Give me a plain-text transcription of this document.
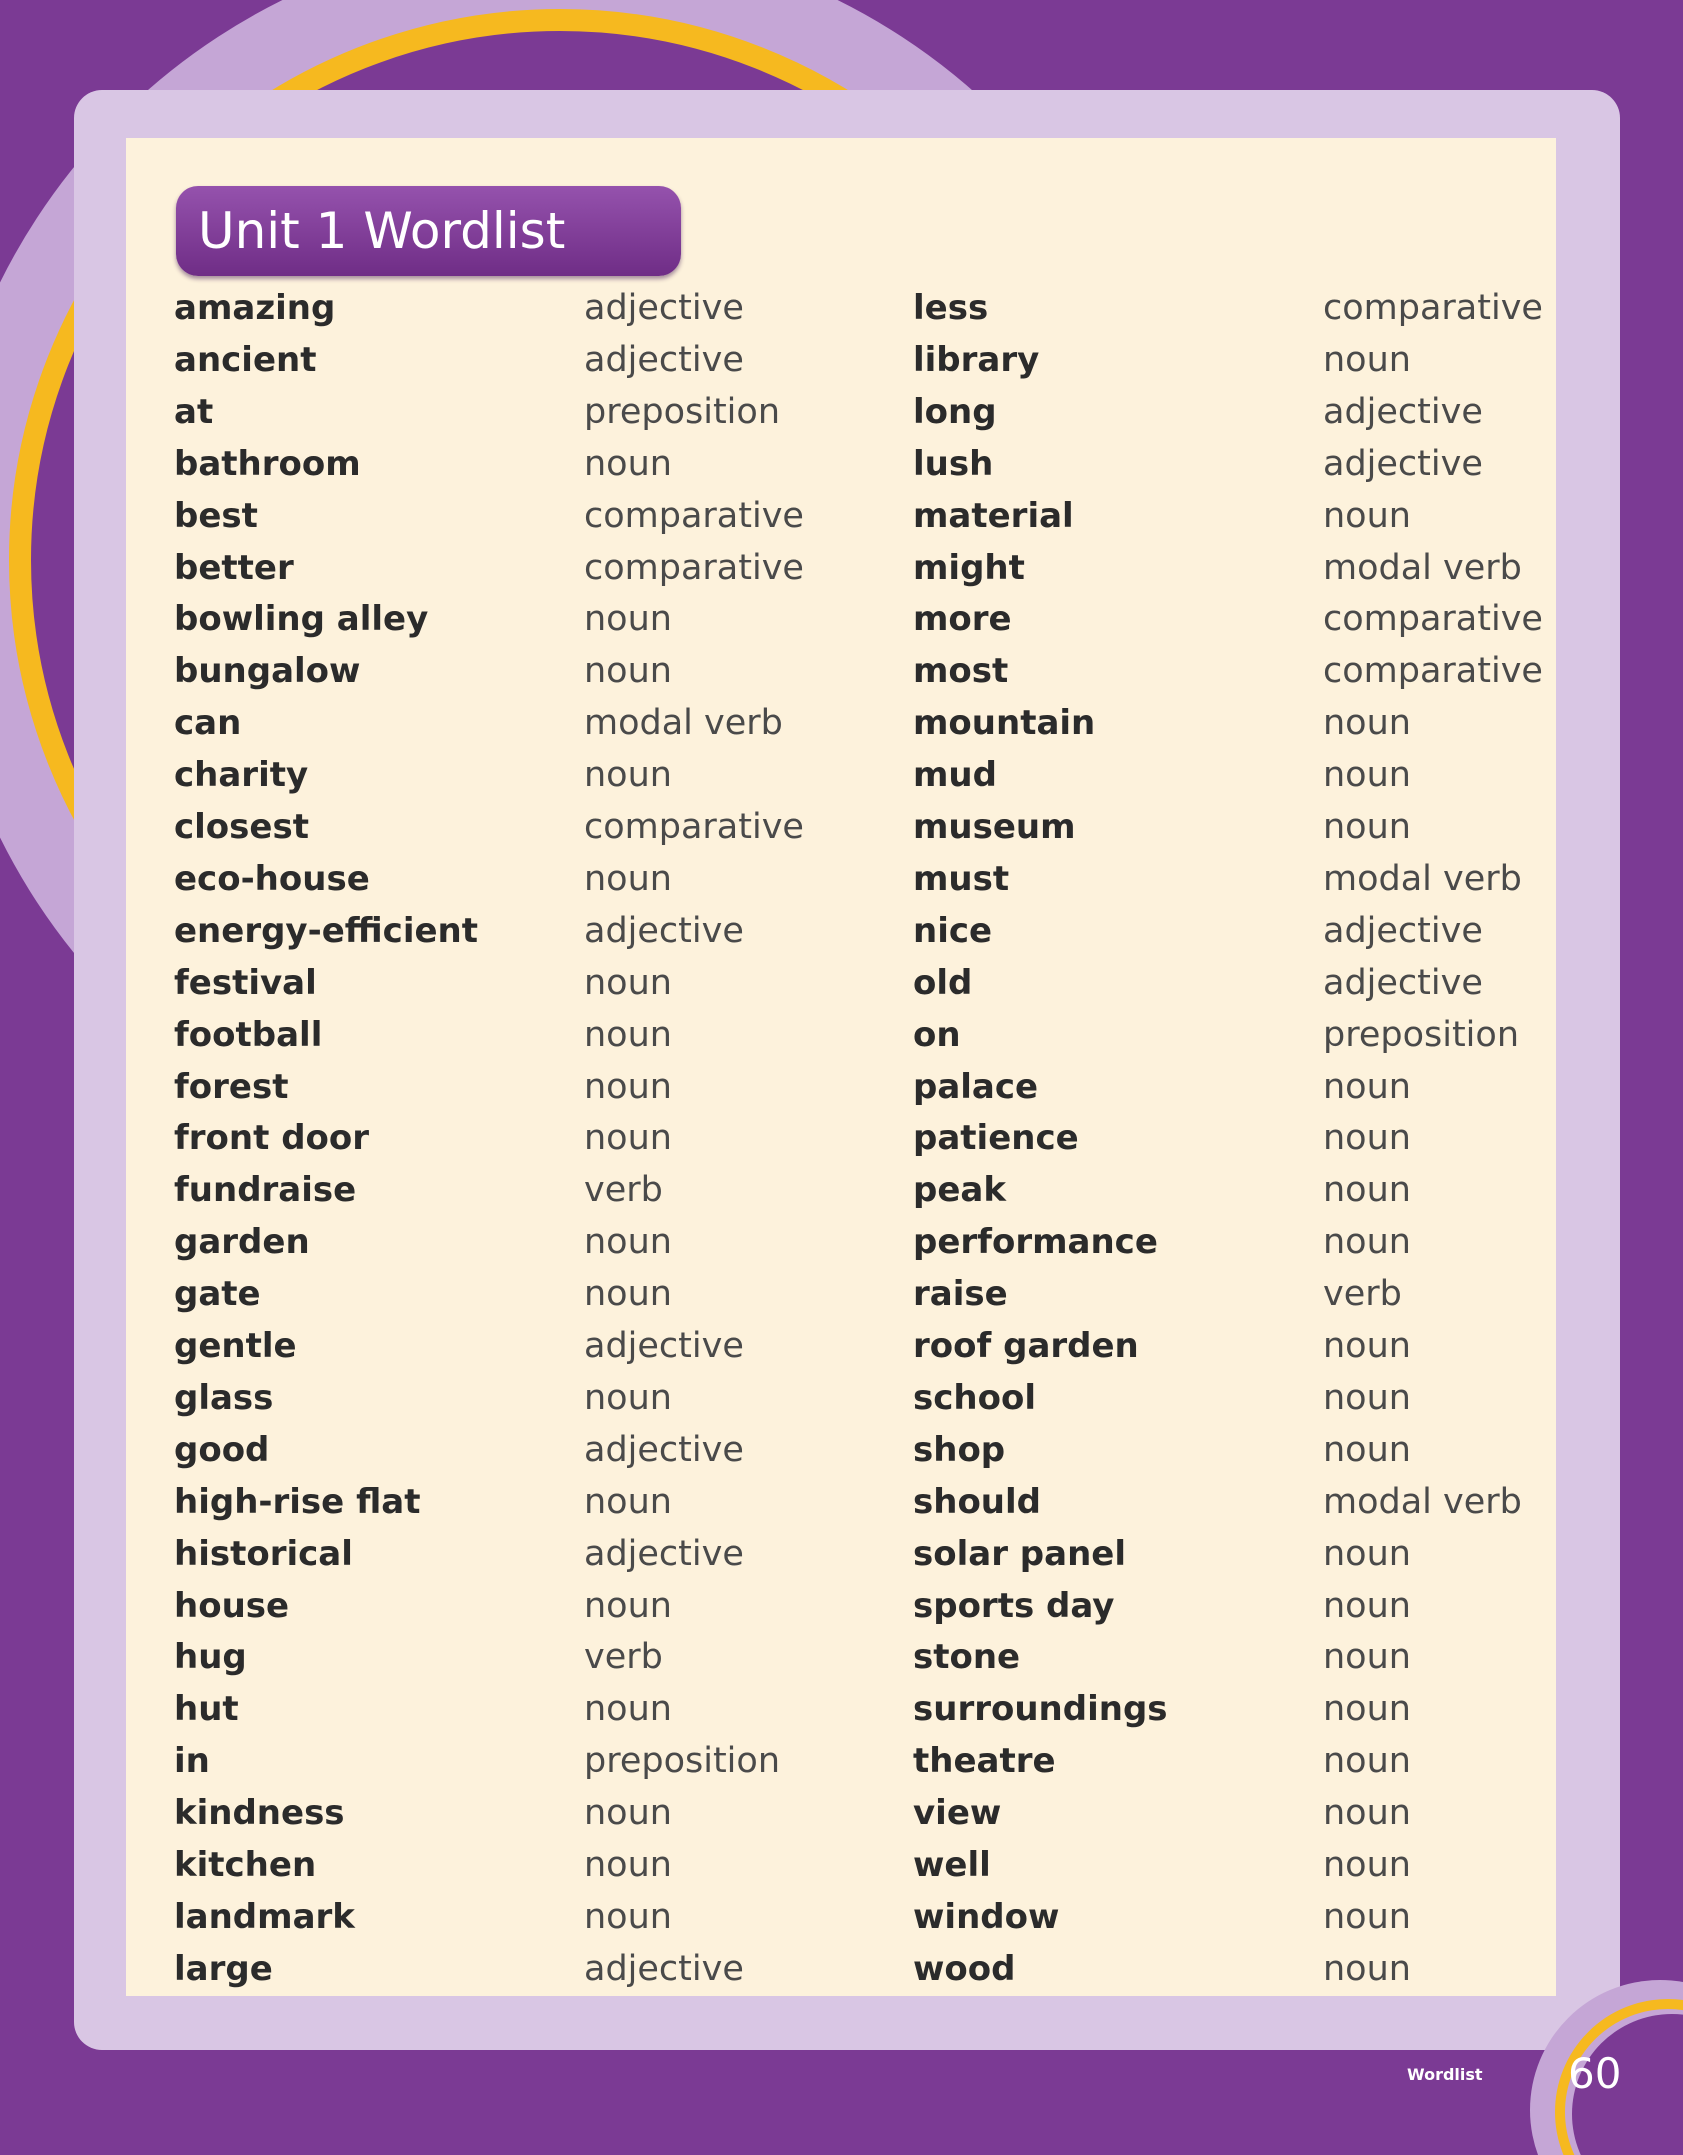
Unit 1 Wordlist
amazing	adjective
ancient	adjective
at	preposition
bathroom	noun
best	comparative
better	comparative
bowling alley	noun
bungalow	noun
can	modal verb
charity	noun
closest	comparative
eco-house	noun
energy-efficient	adjective
festival	noun
football	noun
forest	noun
front door	noun
fundraise	verb
garden	noun
gate	noun
gentle	adjective
glass	noun
good	adjective
high-rise flat	noun
historical	adjective
house	noun
hug	verb
hut	noun
in	preposition
kindness	noun
kitchen	noun
landmark	noun
large	adjective
less	comparative
library	noun
long	adjective
lush	adjective
material	noun
might	modal verb
more	comparative
most	comparative
mountain	noun
mud	noun
museum	noun
must	modal verb
nice	adjective
old	adjective
on	preposition
palace	noun
patience	noun
peak	noun
performance	noun
raise	verb
roof garden	noun
school	noun
shop	noun
should	modal verb
solar panel	noun
sports day	noun
stone	noun
surroundings	noun
theatre	noun
view	noun
well	noun
window	noun
wood	noun
Wordlist 60
